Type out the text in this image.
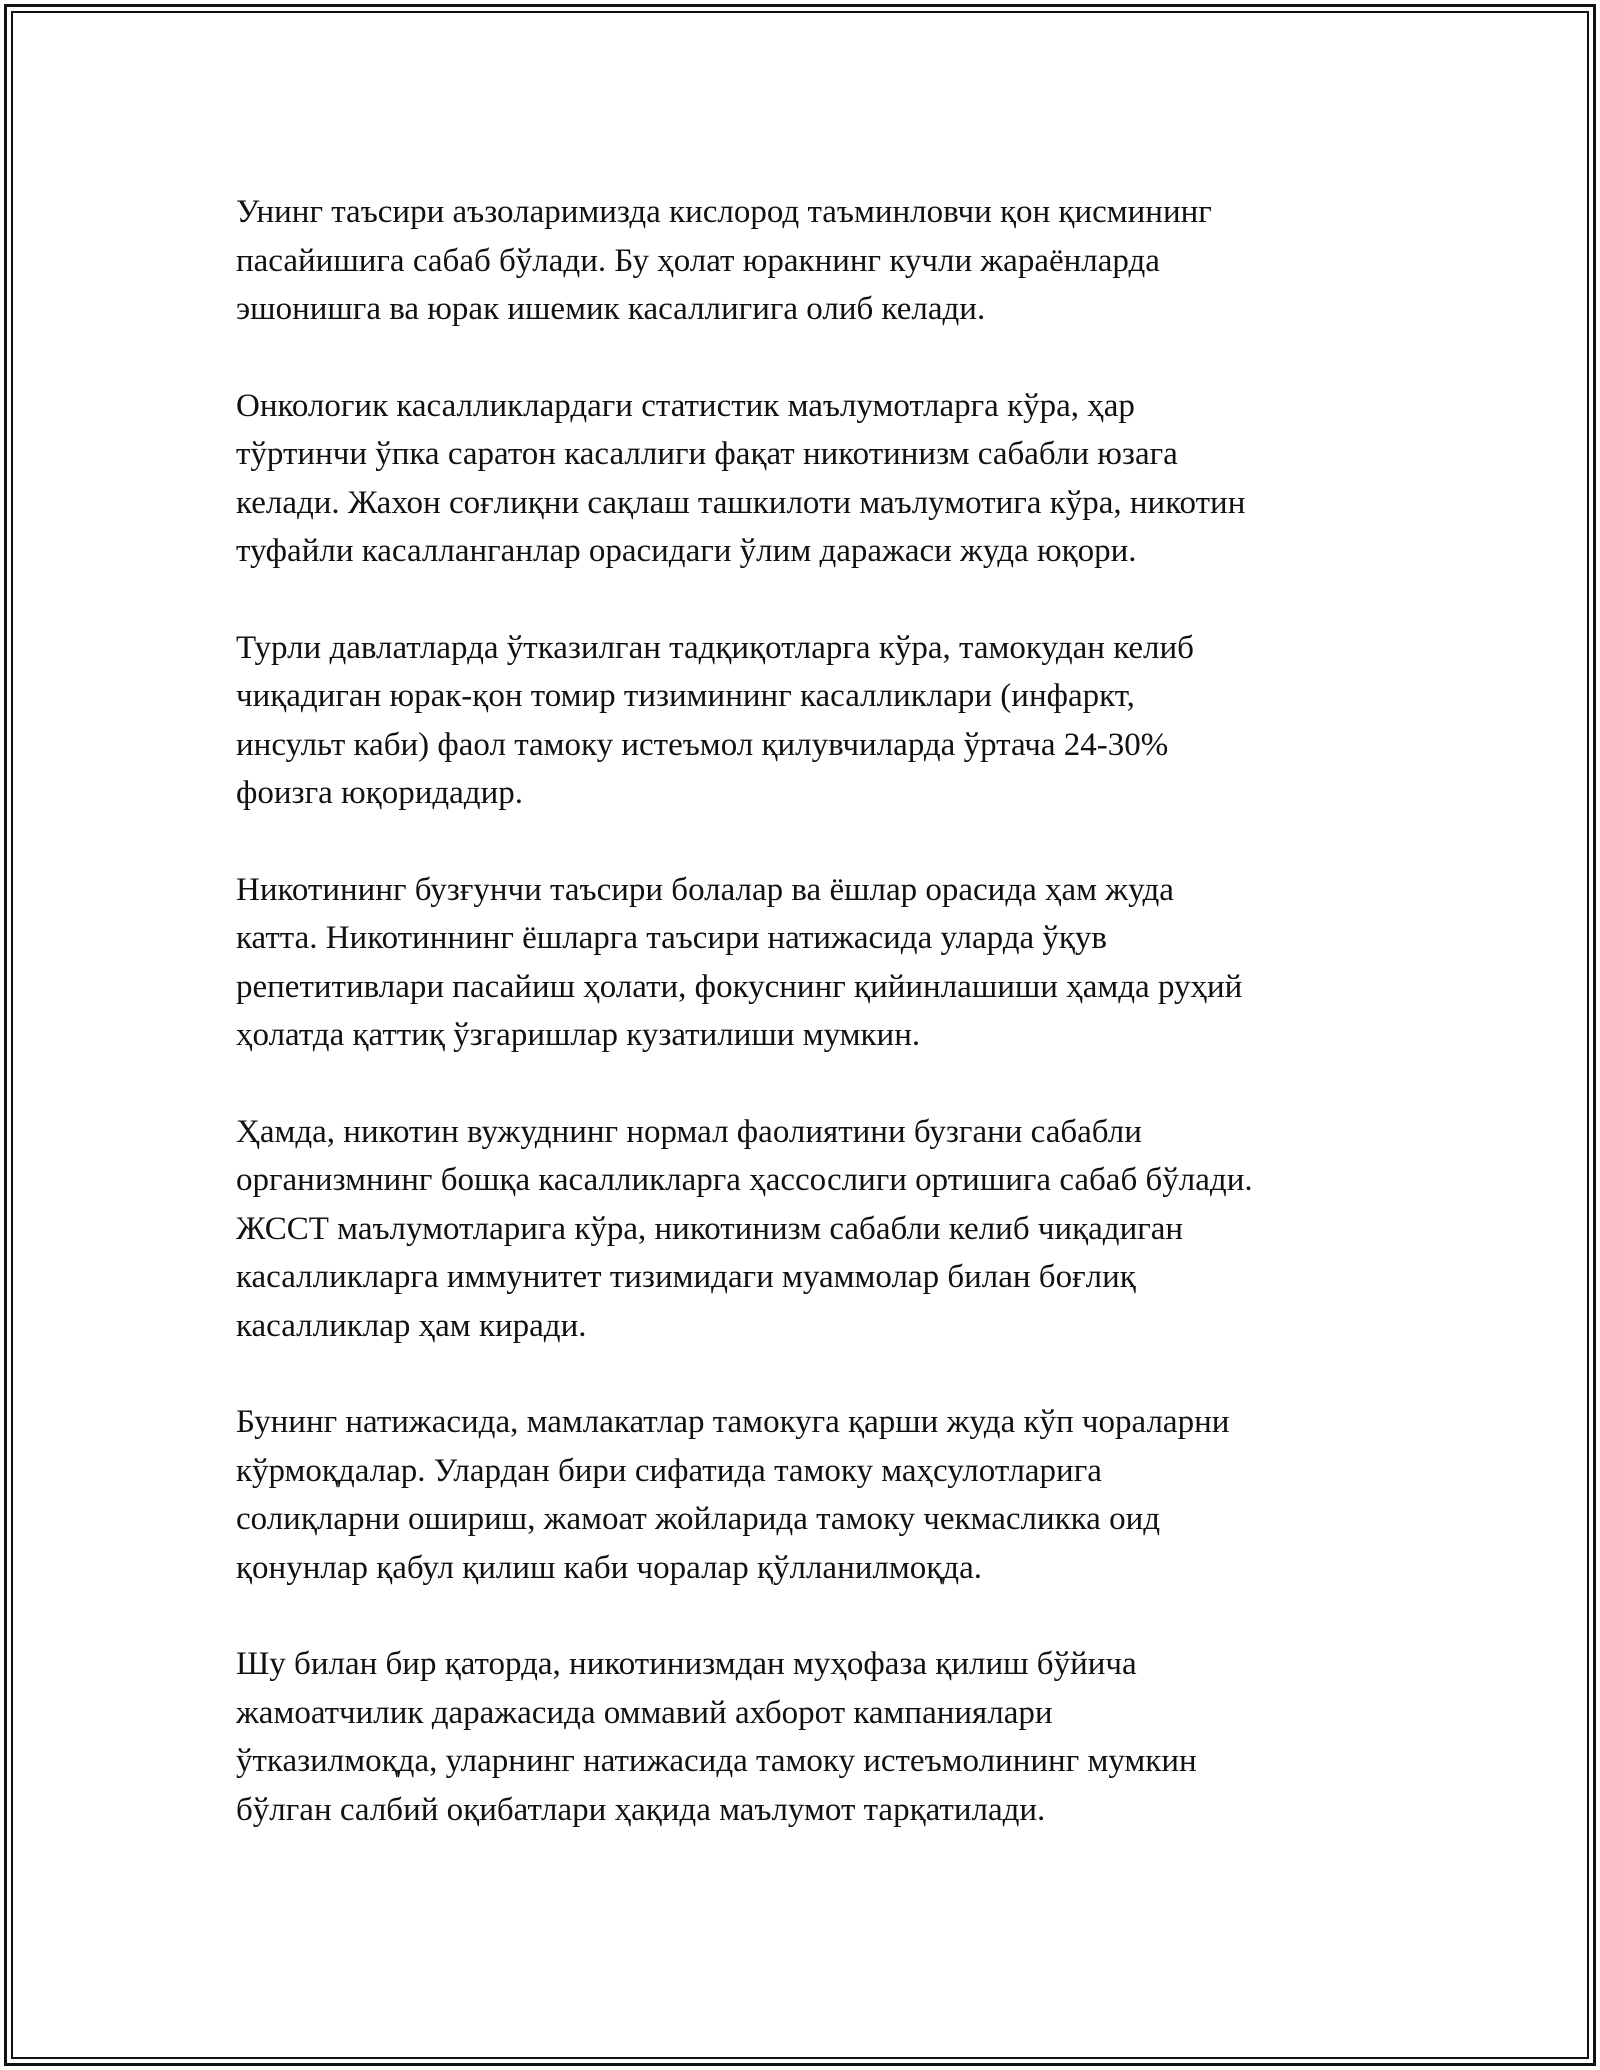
Унинг таъсири аъзоларимизда кислород таъминловчи қон қисмининг
пасайишига сабаб бўлади. Бу ҳолат юракнинг кучли жараёнларда
эшонишга ва юрак ишемик касаллигига олиб келади.
Онкологик касалликлардаги статистик маълумотларга кўра, ҳар
тўртинчи ўпка саратон касаллиги фақат никотинизм сабабли юзага
келади. Жахон соғлиқни сақлаш ташкилоти маълумотига кўра, никотин
туфайли касалланганлар орасидаги ўлим даражаси жуда юқори.
Турли давлатларда ўтказилган тадқиқотларга кўра, тамокудан келиб
чиқадиган юрак-қон томир тизимининг касалликлари (инфаркт,
инсульт каби) фаол тамоку истеъмол қилувчиларда ўртача 24-30%
фоизга юқоридадир.
Никотининг бузғунчи таъсири болалар ва ёшлар орасида ҳам жуда
катта. Никотиннинг ёшларга таъсири натижасида уларда ўқув
репетитивлари пасайиш ҳолати, фокуснинг қийинлашиши ҳамда руҳий
ҳолатда қаттиқ ўзгаришлар кузатилиши мумкин.
Ҳамда, никотин вужуднинг нормал фаолиятини бузгани сабабли
организмнинг бошқа касалликларга ҳассослиги ортишига сабаб бўлади.
ЖССТ маълумотларига кўра, никотинизм сабабли келиб чиқадиган
касалликларга иммунитет тизимидаги муаммолар билан боғлиқ
касалликлар ҳам киради.
Бунинг натижасида, мамлакатлар тамокуга қарши жуда кўп чораларни
кўрмоқдалар. Улардан бири сифатида тамоку маҳсулотларига
солиқларни ошириш, жамоат жойларида тамоку чекмасликка оид
қонунлар қабул қилиш каби чоралар қўлланилмоқда.
Шу билан бир қаторда, никотинизмдан муҳофаза қилиш бўйича
жамоатчилик даражасида оммавий ахборот кампаниялари
ўтказилмоқда, уларнинг натижасида тамоку истеъмолининг мумкин
бўлган салбий оқибатлари ҳақида маълумот тарқатилади.
